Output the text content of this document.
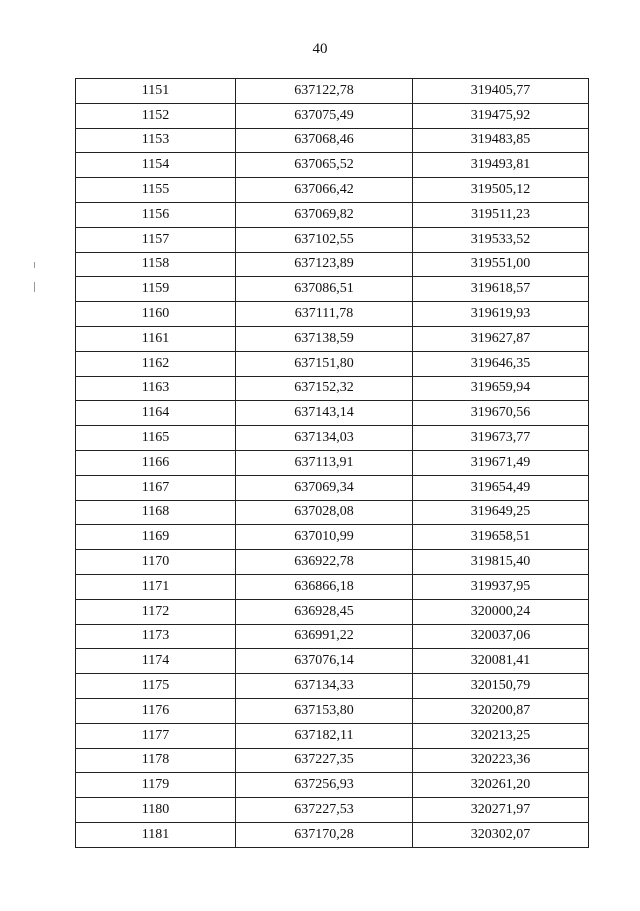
40
1151	637122,78	319405,77
1152	637075,49	319475,92
1153	637068,46	319483,85
1154	637065,52	319493,81
1155	637066,42	319505,12
1156	637069,82	319511,23
1157	637102,55	319533,52
1158	637123,89	319551,00
1159	637086,51	319618,57
1160	637111,78	319619,93
1161	637138,59	319627,87
1162	637151,80	319646,35
1163	637152,32	319659,94
1164	637143,14	319670,56
1165	637134,03	319673,77
1166	637113,91	319671,49
1167	637069,34	319654,49
1168	637028,08	319649,25
1169	637010,99	319658,51
1170	636922,78	319815,40
1171	636866,18	319937,95
1172	636928,45	320000,24
1173	636991,22	320037,06
1174	637076,14	320081,41
1175	637134,33	320150,79
1176	637153,80	320200,87
1177	637182,11	320213,25
1178	637227,35	320223,36
1179	637256,93	320261,20
1180	637227,53	320271,97
1181	637170,28	320302,07
